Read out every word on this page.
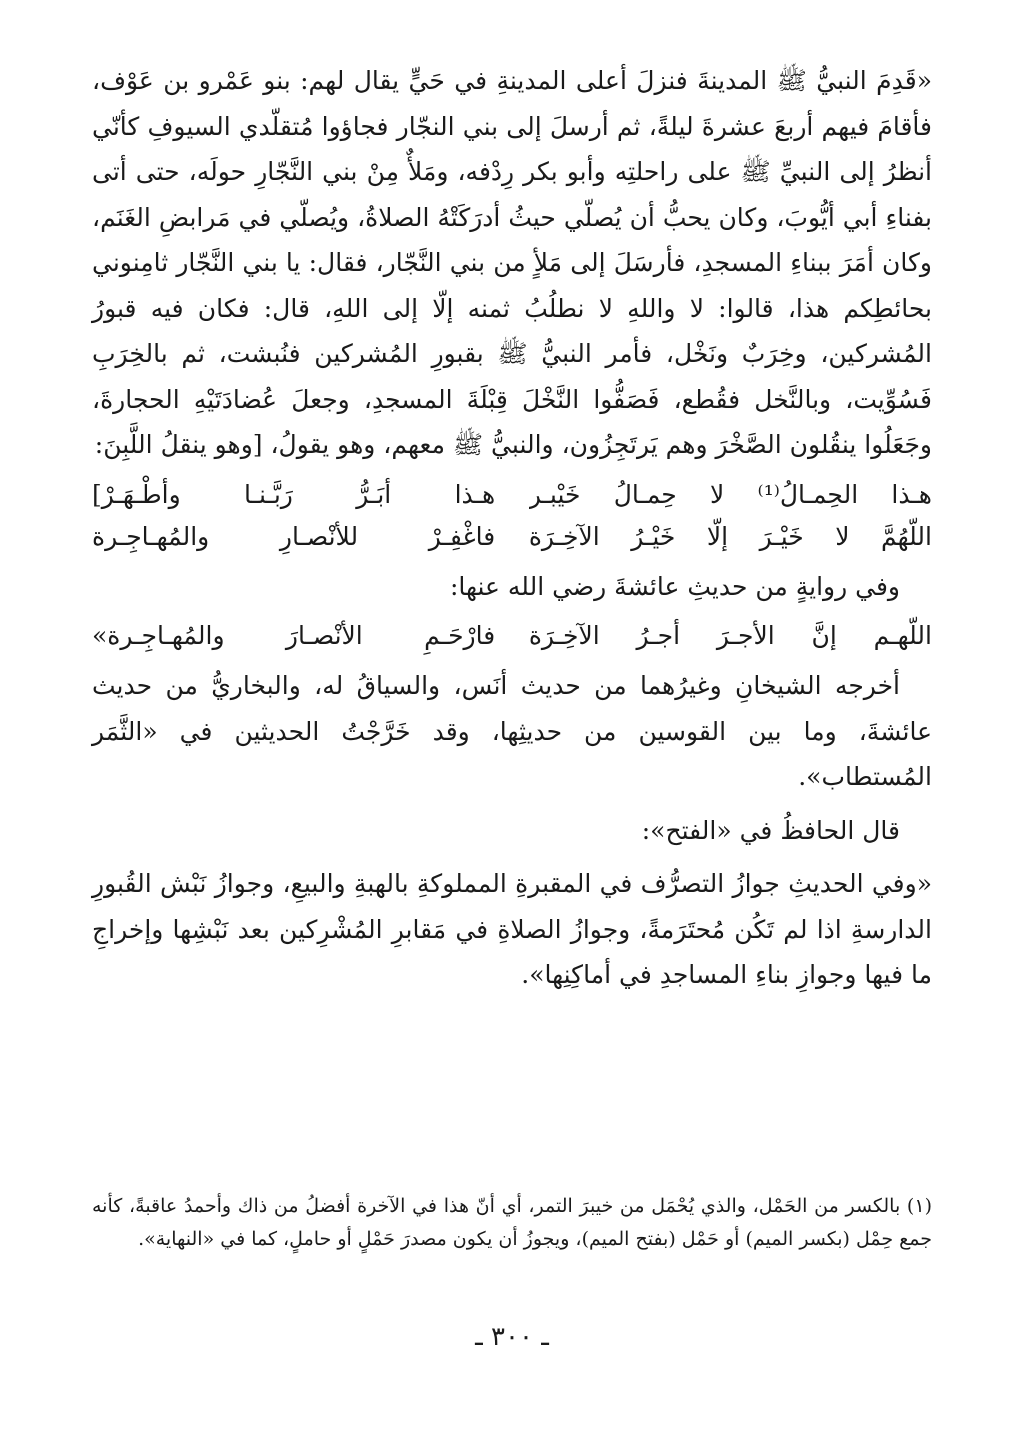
«قَدِمَ النبيُّ ﷺ المدينةَ فنزلَ أعلى المدينةِ في حَيٍّ يقال لهم: بنو عَمْرو بن عَوْف، فأقامَ فيهم أربعَ عشرةَ ليلةً، ثم أرسلَ إلى بني النجّار فجاؤوا مُتقلّدي السيوفِ كأنّي أنظرُ إلى النبيِّ ﷺ على راحلتِه وأبو بكر رِدْفه، ومَلأٌ مِنْ بني النَّجّارِ حولَه، حتى أتى بفناءِ أبي أيُّوبَ، وكان يحبُّ أن يُصلّي حيثُ أدرَكَتْهُ الصلاةُ، ويُصلّي في مَرابضِ الغَنَم، وكان أمَرَ ببناءِ المسجدِ، فأرسَلَ إلى مَلأٍ من بني النَّجّار، فقال: يا بني النَّجّار ثامِنوني بحائطِكم هذا، قالوا: لا واللهِ لا نطلُبُ ثمنه إلّا إلى اللهِ، قال: فكان فيه قبورُ المُشركين، وخِرَبٌ ونَخْل، فأمر النبيُّ ﷺ بقبورِ المُشركين فنُبشت، ثم بالخِرَبِ فَسُوِّيت، وبالنَّخل فقُطع، فَصَفُّوا النَّخْلَ قِبْلَةَ المسجدِ، وجعلَ عُضادَتَيْهِ الحجارةَ، وجَعَلُوا ينقُلون الصَّخْرَ وهم يَرتَجِزُون، والنبيُّ ﷺ معهم، وهو يقولُ، [وهو ينقلُ اللَّبِنَ:

هـذا الحِمـالُ⁽¹⁾ لا حِمـالُ خَيْبـر
هـذا أبَـرُّ رَبَّـنـا وأطْـهَـرْ]
اللّهُمَّ لا خَيْـرَ إلّا خَيْـرُ الآخِـرَة
فاغْفِـرْ للأنْصـارِ والمُهـاجِـرة

وفي روايةٍ من حديثِ عائشةَ رضي الله عنها:

اللّهـم إنَّ الأجـرَ أجـرُ الآخِـرَة
فارْحَـمِ الأنْصـارَ والمُهـاجِـرة»

أخرجه الشيخانِ وغيرُهما من حديث أنَس، والسياقُ له، والبخاريُّ من حديث عائشةَ، وما بين القوسين من حديثِها، وقد خَرَّجْتُ الحديثين في «الثَّمَر المُستطاب».

قال الحافظُ في «الفتح»:

«وفي الحديثِ جوازُ التصرُّف في المقبرةِ المملوكةِ بالهبةِ والبيعِ، وجوازُ نَبْش القُبورِ الدارسةِ اذا لم تَكُن مُحتَرَمةً، وجوازُ الصلاةِ في مَقابرِ المُشْرِكين بعد نَبْشِها وإخراجِ ما فيها وجوازِ بناءِ المساجدِ في أماكِنِها».

(١) بالكسر من الحَمْل، والذي يُحْمَل من خيبرَ التمر، أي أنّ هذا في الآخرة أفضلُ من ذاك وأحمدُ عاقبةً، كأنه جمع حِمْل (بكسر الميم) أو حَمْل (بفتح الميم)، ويجوزُ أن يكون مصدرَ حَمْلٍ أو حاملٍ، كما في «النهاية».

ـ ٣٠٠ ـ
